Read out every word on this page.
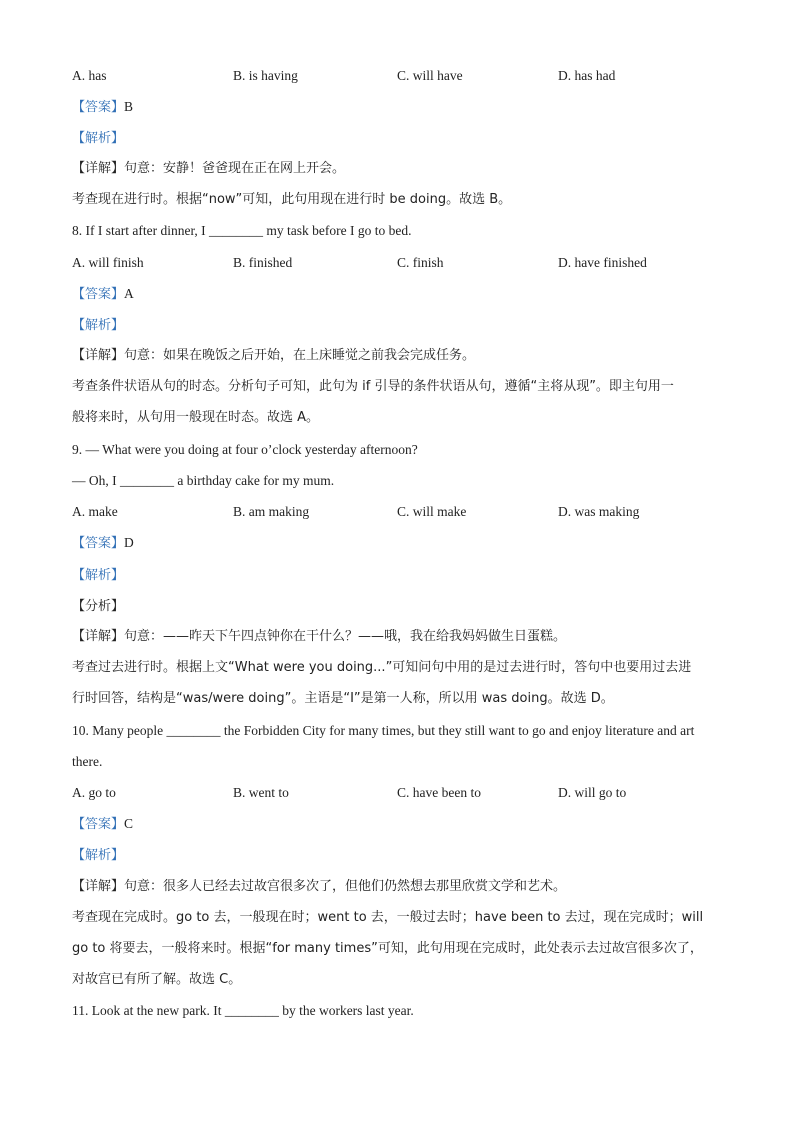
A. has	B. is having	C. will have	D. has had
【答案】B
【解析】
【详解】句意：安静！爸爸现在正在网上开会。
考查现在进行时。根据“now”可知，此句用现在进行时 be doing。故选 B。
8. If I start after dinner, I ________ my task before I go to bed.
A. will finish	B. finished	C. finish	D. have finished
【答案】A
【解析】
【详解】句意：如果在晚饭之后开始，在上床睡觉之前我会完成任务。
考查条件状语从句的时态。分析句子可知，此句为 if 引导的条件状语从句，遵循“主将从现”。即主句用一
般将来时，从句用一般现在时态。故选 A。
9. — What were you doing at four o’clock yesterday afternoon?
— Oh, I ________ a birthday cake for my mum.
A. make	B. am making	C. will make	D. was making
【答案】D
【解析】
【分析】
【详解】句意：——昨天下午四点钟你在干什么？——哦，我在给我妈妈做生日蛋糕。
考查过去进行时。根据上文“What were you doing...”可知问句中用的是过去进行时，答句中也要用过去进
行时回答，结构是“was/were doing”。主语是“I”是第一人称，所以用 was doing。故选 D。
10. Many people ________ the Forbidden City for many times, but they still want to go and enjoy literature and art
there.
A. go to	B. went to	C. have been to	D. will go to
【答案】C
【解析】
【详解】句意：很多人已经去过故宫很多次了，但他们仍然想去那里欣赏文学和艺术。
考查现在完成时。go to 去，一般现在时；went to 去，一般过去时；have been to 去过，现在完成时；will
go to 将要去，一般将来时。根据“for many times”可知，此句用现在完成时，此处表示去过故宫很多次了，
对故宫已有所了解。故选 C。
11. Look at the new park. It ________ by the workers last year.
